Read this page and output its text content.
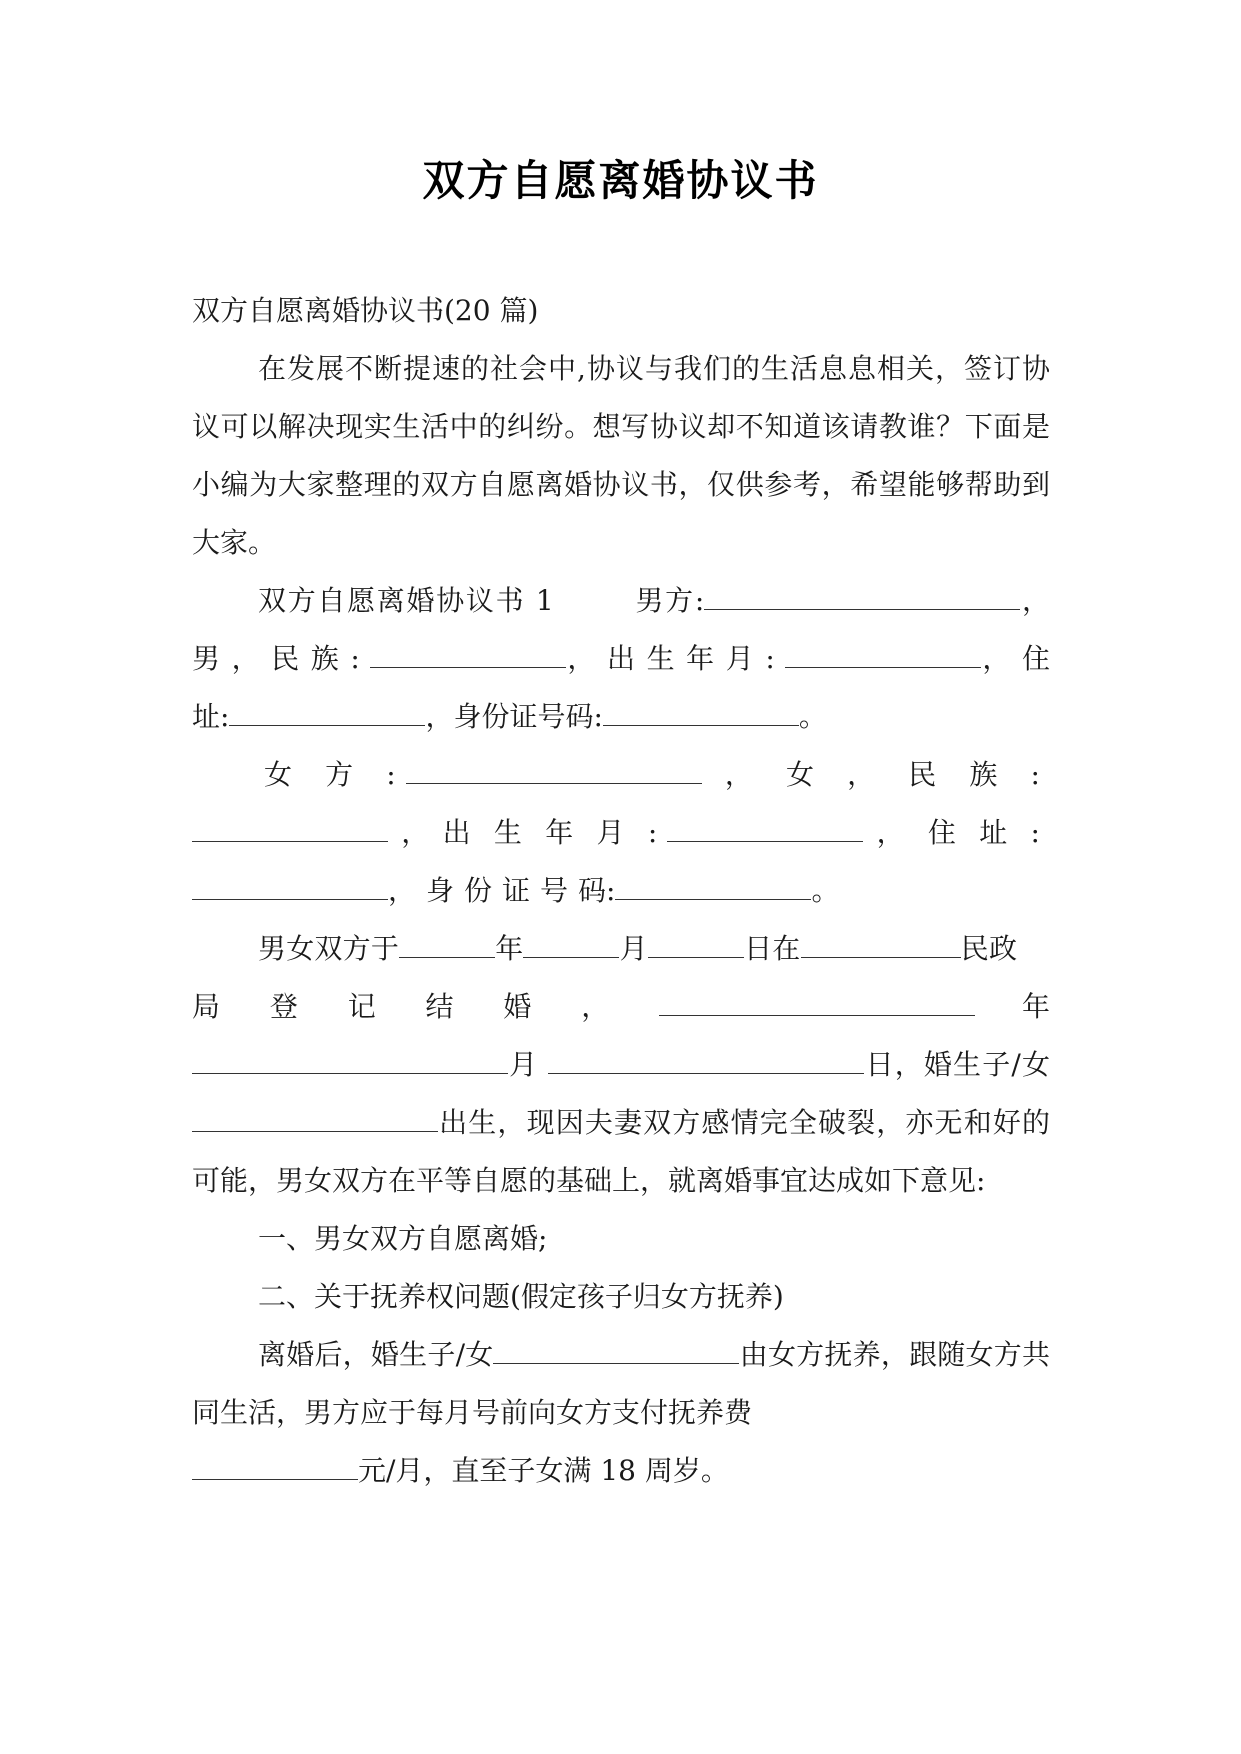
双方自愿离婚协议书

双方自愿离婚协议书(20 篇)

在发展不断提速的社会中,协议与我们的生活息息相关，签订协议可以解决现实生活中的纠纷。想写协议却不知道该请教谁？下面是小编为大家整理的双方自愿离婚协议书，仅供参考，希望能够帮助到大家。

双方自愿离婚协议书 1	男方:	，男，民族:	，出生年月:	，住址:	，身份证号码:	。

女方:	，女，民族:，出生年月:	，住址:，身份证号码:	。

男女双方于	年	月	日在	民政局登记结婚，	年月	日，婚生子/女出生，现因夫妻双方感情完全破裂，亦无和好的可能，男女双方在平等自愿的基础上，就离婚事宜达成如下意见:

一、男女双方自愿离婚;

二、关于抚养权问题(假定孩子归女方抚养)

离婚后，婚生子/女	由女方抚养，跟随女方共同生活，男方应于每月号前向女方支付抚养费
元/月，直至子女满 18 周岁。
